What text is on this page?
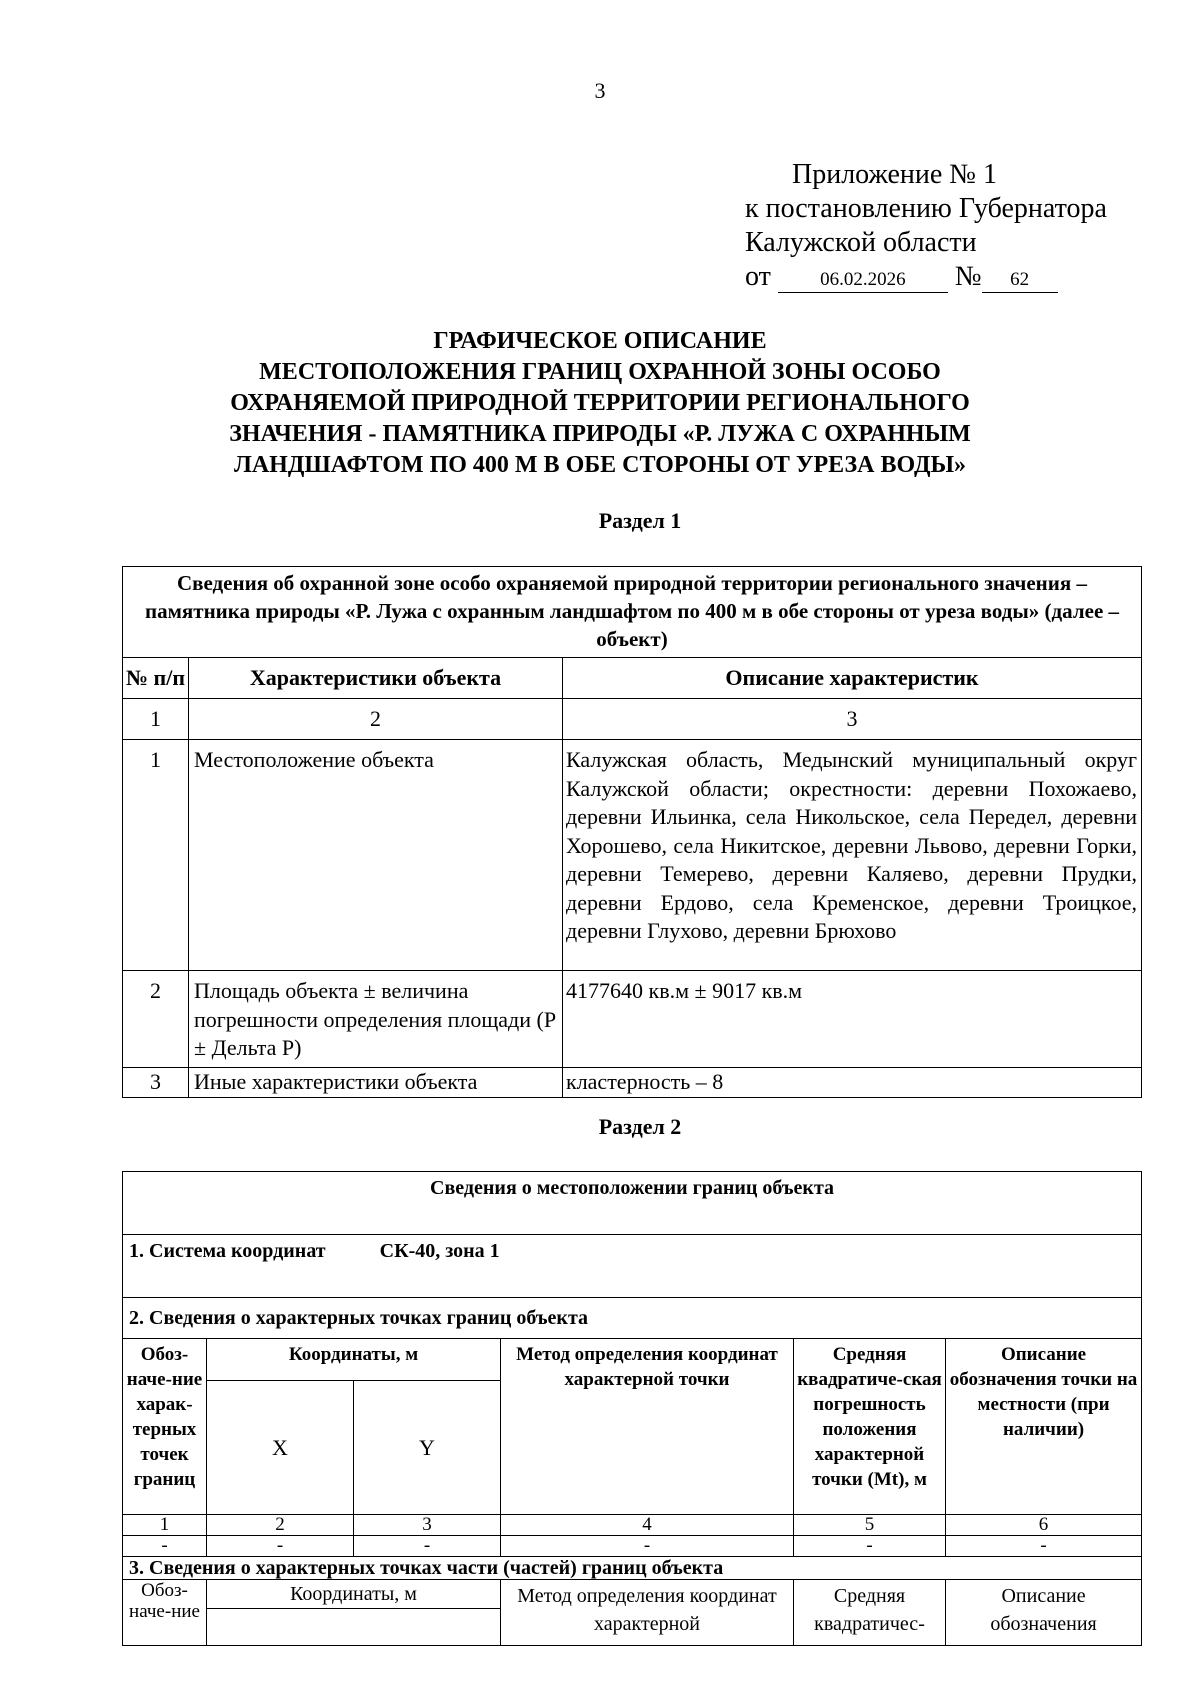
3
Приложение № 1
к постановлению Губернатора
Калужской области
от	06.02.2026 № 62
ГРАФИЧЕСКОЕ ОПИСАНИЕ
МЕСТОПОЛОЖЕНИЯ ГРАНИЦ ОХРАННОЙ ЗОНЫ ОСОБО
ОХРАНЯЕМОЙ ПРИРОДНОЙ ТЕРРИТОРИИ РЕГИОНАЛЬНОГО
ЗНАЧЕНИЯ - ПАМЯТНИКА ПРИРОДЫ «Р. ЛУЖА С ОХРАННЫМ
ЛАНДШАФТОМ ПО 400 М В ОБЕ СТОРОНЫ ОТ УРЕЗА ВОДЫ»
Раздел 1
Сведения об охранной зоне особо охраняемой природной территории регионального значения – памятника природы «Р. Лужа с охранным ландшафтом по 400 м в обе стороны от уреза воды» (далее – объект)		
№ п/п	Характеристики объекта	Описание характеристик
1	2	3
1	Местоположение объекта	Калужская область, Медынский муниципальный округ Калужской области; окрестности: деревни Похожаево, деревни Ильинка, села Никольское, села Передел, деревни Хорошево, села Никитское, деревни Львово, деревни Горки, деревни Темерево, деревни Каляево, деревни Прудки, деревни Ердово, села Кременское, деревни Троицкое, деревни Глухово, деревни Брюхово
2	Площадь объекта ± величина погрешности определения площади (Р ± Дельта Р)	4177640 кв.м ± 9017 кв.м
3	Иные характеристики объекта	кластерность – 8
Раздел 2
Сведения о местоположении границ объекта					
1. Система координат СК-40, зона 1					
2. Сведения о характерных точках границ объекта					
Обоз-наче-ние харак-терных точек границ	Координаты, м		Метод определения координат характерной точки	Средняя квадратиче-ская погрешность положения характерной точки (Mt), м	Описание обозначения точки на местности (при наличии)
	X	Y			
1	2	3	4	5	6
-	-	-	-	-	-
3. Сведения о характерных точках части (частей) границ объекта					
Обоз-наче-ние	Координаты, м		Метод определения координат характерной	Средняя квадратичес-	Описание обозначения
